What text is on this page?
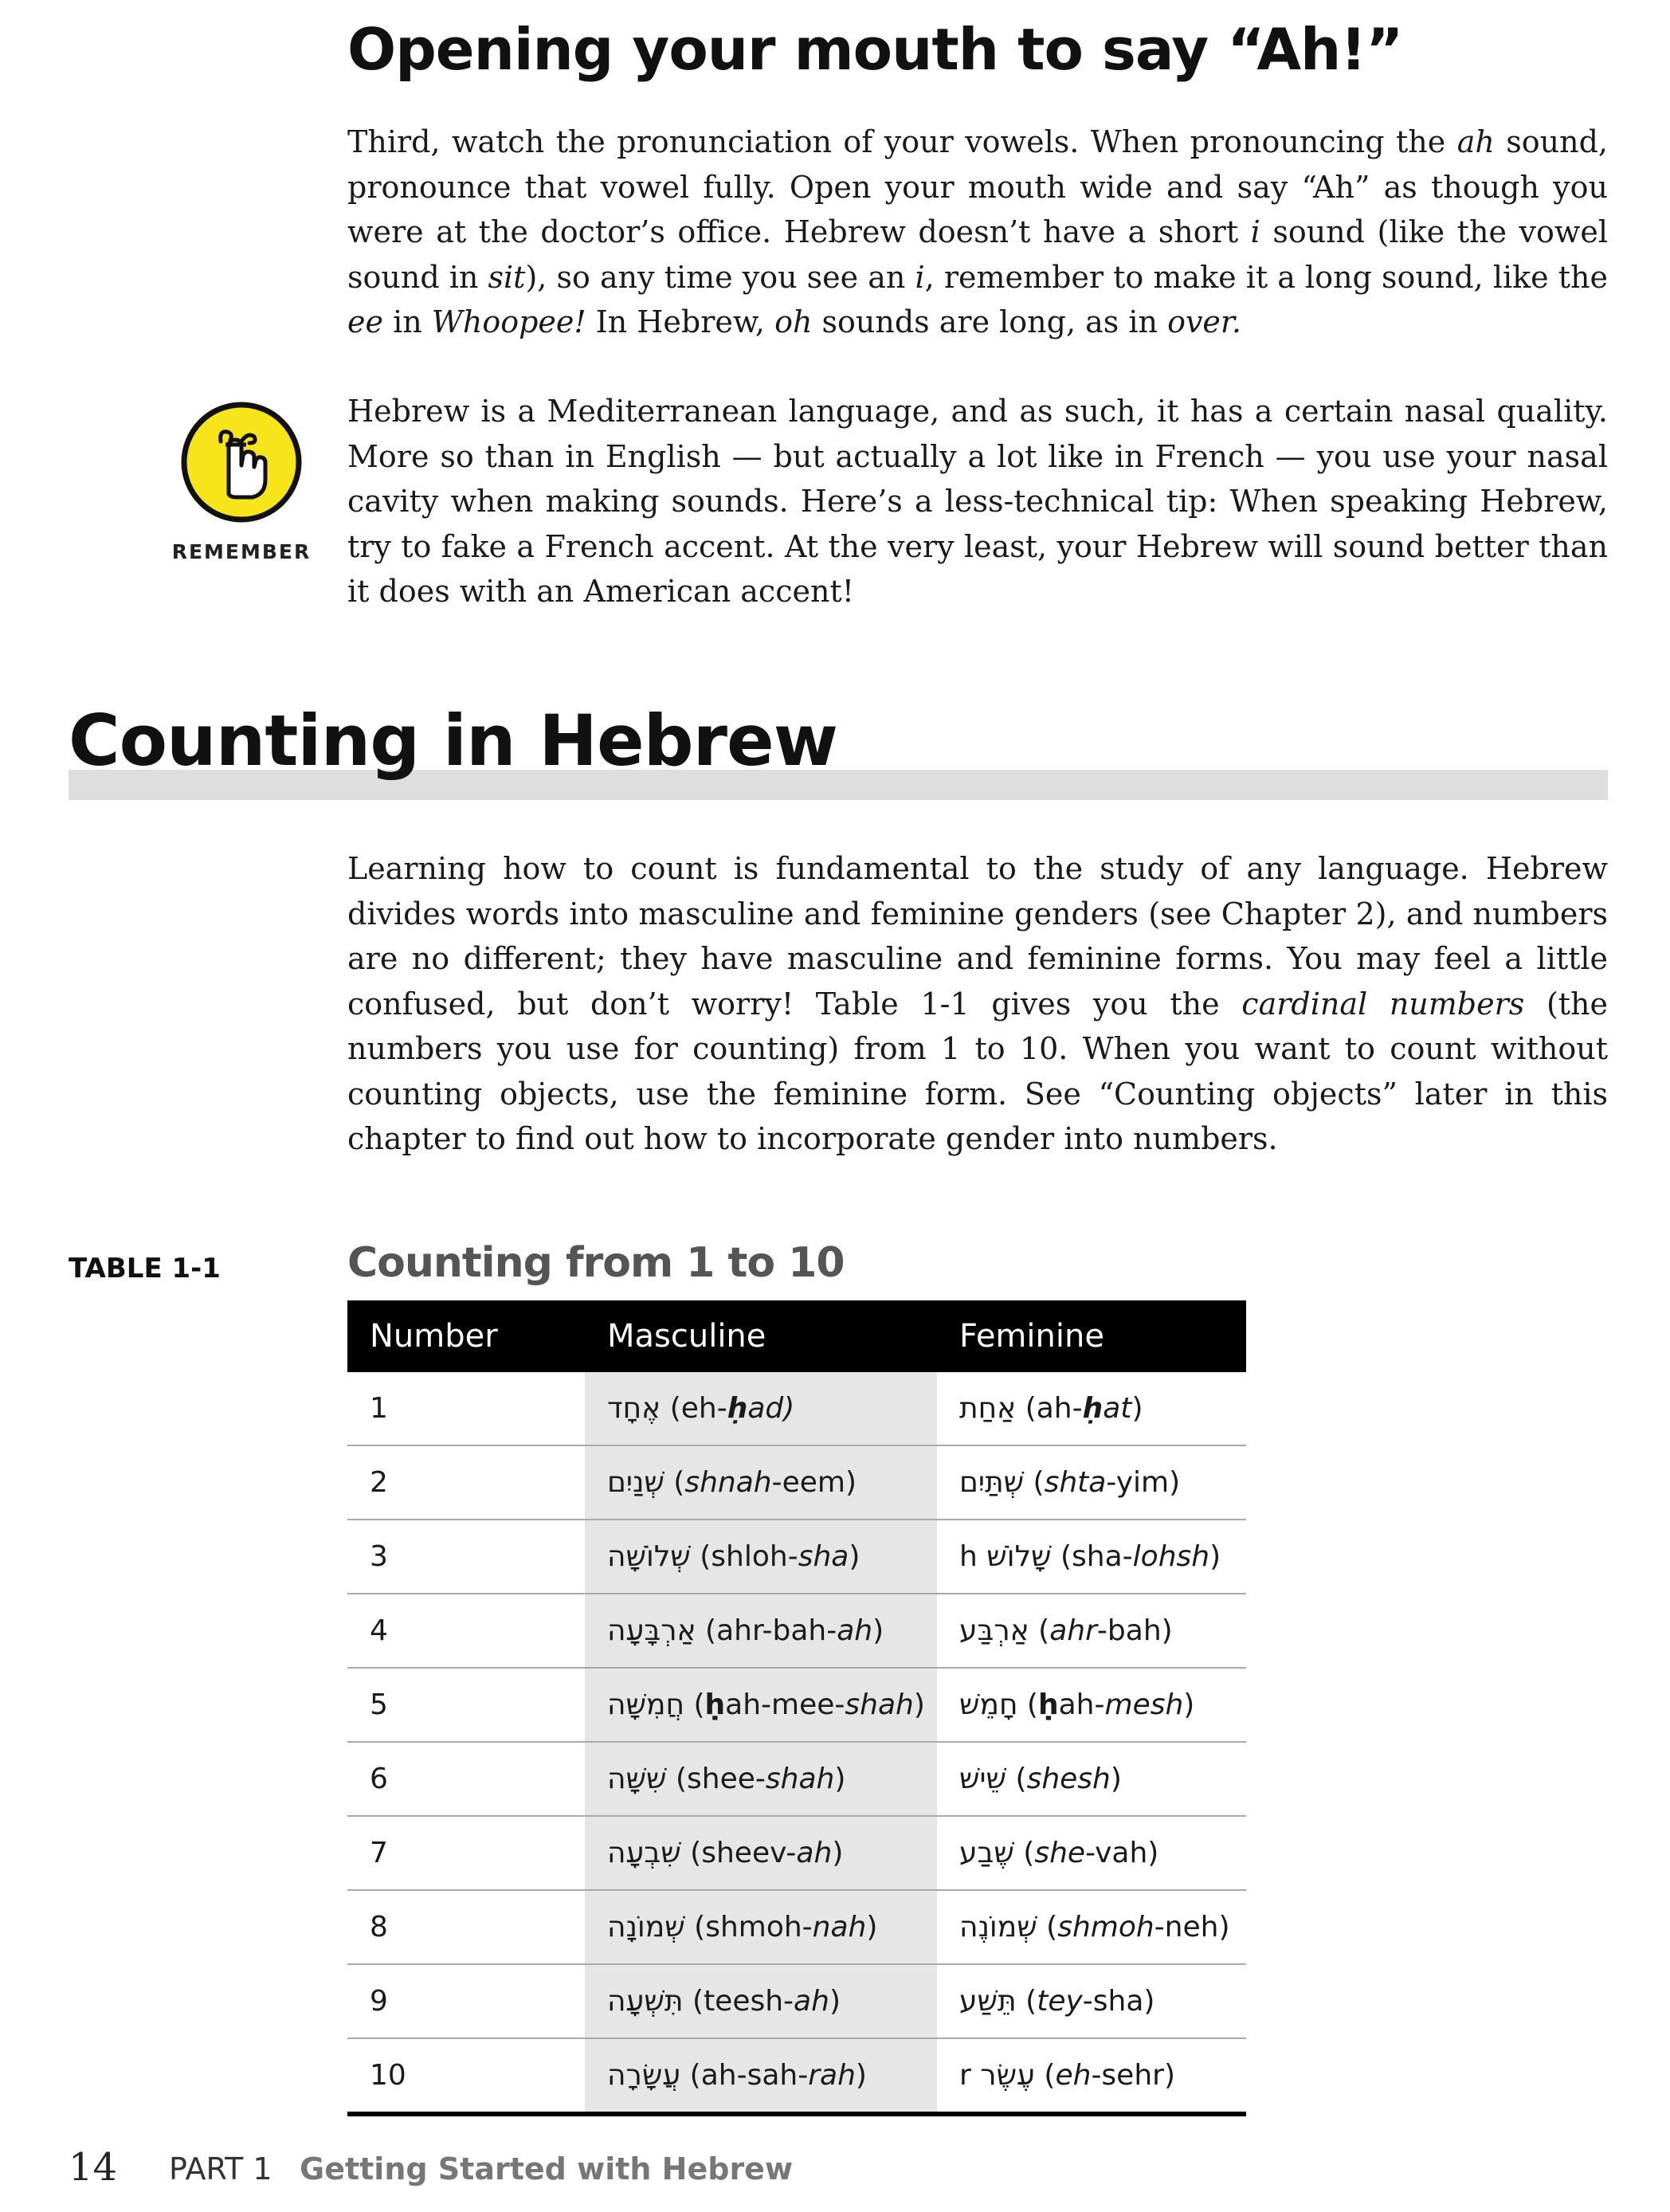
Opening your mouth to say “Ah!”

Third, watch the pronunciation of your vowels. When pronouncing the ah sound, pronounce that vowel fully. Open your mouth wide and say “Ah” as though you were at the doctor’s office. Hebrew doesn’t have a short i sound (like the vowel sound in sit), so any time you see an i, remember to make it a long sound, like the ee in Whoopee! In Hebrew, oh sounds are long, as in over.

REMEMBER

Hebrew is a Mediterranean language, and as such, it has a certain nasal quality. More so than in English — but actually a lot like in French — you use your nasal cavity when making sounds. Here’s a less-technical tip: When speaking Hebrew, try to fake a French accent. At the very least, your Hebrew will sound better than it does with an American accent!

Counting in Hebrew

Learning how to count is fundamental to the study of any language. Hebrew divides words into masculine and feminine genders (see Chapter 2), and numbers are no different; they have masculine and feminine forms. You may feel a little confused, but don’t worry! Table 1-1 gives you the cardinal numbers (the numbers you use for counting) from 1 to 10. When you want to count without counting objects, use the feminine form. See “Counting objects” later in this chapter to find out how to incorporate gender into numbers.

TABLE 1-1	Counting from 1 to 10
Number	Masculine	Feminine
1	אֶחָד (eh-ḥad)	אַחַת (ah-ḥat)
2	שְׁנַיִם (shnah-eem)	שְׁתַּיִם (shta-yim)
3	שְׁלוֹשָׁה (shloh-sha)	h שָׁלוֹשׁ (sha-lohsh)
4	אַרְבָּעָה (ahr-bah-ah)	אַרְבַּע (ahr-bah)
5	חֲמִשָּׁה (ḥah-mee-shah)	חָמֵשׁ (ḥah-mesh)
6	שִׁשָּׁה (shee-shah)	שֵׁישׁ (shesh)
7	שִׁבְעָה (sheev-ah)	שֶׁבַע (she-vah)
8	שְׁמוֹנָה (shmoh-nah)	שְׁמוֹנֶה (shmoh-neh)
9	תִּשְׁעָה (teesh-ah)	תֵּשַׁע (tey-sha)
10	עֲשָׂרָה (ah-sah-rah)	r עֶשֶׂר (eh-sehr)
14 PART 1 Getting Started with Hebrew
